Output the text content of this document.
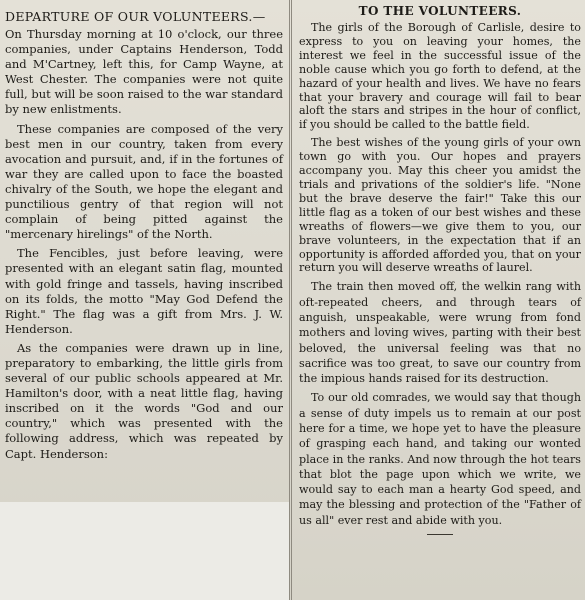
DEPARTURE OF OUR VOLUNTEERS.—

On Thursday morning at 10 o'clock, our three companies, under Captains Henderson, Todd and M'Cartney, left this, for Camp Wayne, at West Chester. The companies were not quite full, but will be soon raised to the war standard by new enlistments.

These companies are composed of the very best men in our country, taken from every avocation and pursuit, and, if in the fortunes of war they are called upon to face the boasted chivalry of the South, we hope the elegant and punctilious gentry of that region will not complain of being pitted against the "mercenary hirelings" of the North.

The Fencibles, just before leaving, were presented with an elegant satin flag, mounted with gold fringe and tassels, having inscribed on its folds, the motto "May God Defend the Right." The flag was a gift from Mrs. J. W. Henderson.

As the companies were drawn up in line, preparatory to embarking, the little girls from several of our public schools appeared at Mr. Hamilton's door, with a neat little flag, having inscribed on it the words "God and our country," which was presented with the following address, which was repeated by Capt. Henderson:

TO THE VOLUNTEERS.

The girls of the Borough of Carlisle, desire to express to you on leaving your homes, the interest we feel in the successful issue of the noble cause which you go forth to defend, at the hazard of your health and lives. We have no fears that your bravery and courage will fail to bear aloft the stars and stripes in the hour of conflict, if you should be called to the battle field.

The best wishes of the young girls of your own town go with you. Our hopes and prayers accompany you. May this cheer you amidst the trials and privations of the soldier's life. "None but the brave deserve the fair!" Take this our little flag as a token of our best wishes and these wreaths of flowers—we give them to you, our brave volunteers, in the expectation that if an opportunity is afforded afforded you, that on your return you will deserve wreaths of laurel.

The train then moved off, the welkin rang with oft-repeated cheers, and through tears of anguish, unspeakable, were wrung from fond mothers and loving wives, parting with their best beloved, the universal feeling was that no sacrifice was too great, to save our country from the impious hands raised for its destruction.

To our old comrades, we would say that though a sense of duty impels us to remain at our post here for a time, we hope yet to have the pleasure of grasping each hand, and taking our wonted place in the ranks. And now through the hot tears that blot the page upon which we write, we would say to each man a hearty God speed, and may the blessing and protection of the "Father of us all" ever rest and abide with you.
